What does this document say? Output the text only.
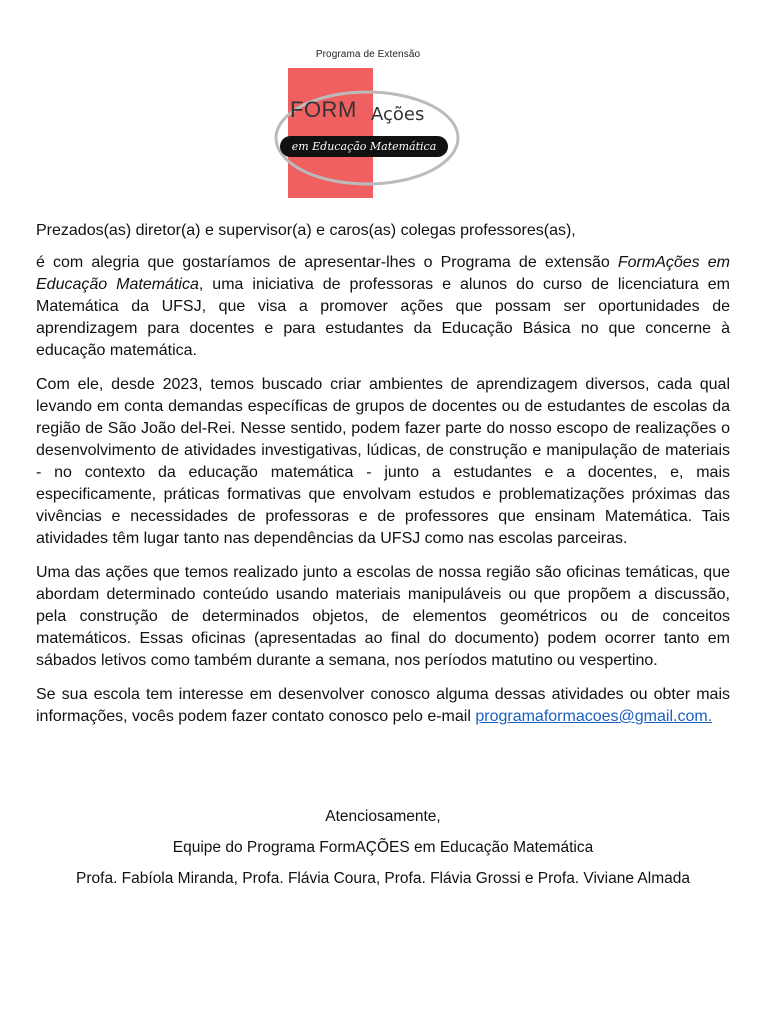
Programa de Extensão
FORM Ações
em Educação Matemática

Prezados(as) diretor(a) e supervisor(a) e caros(as) colegas professores(as),

é com alegria que gostaríamos de apresentar-lhes o Programa de extensão FormAções em Educação Matemática, uma iniciativa de professoras e alunos do curso de licenciatura em Matemática da UFSJ, que visa a promover ações que possam ser oportunidades de aprendizagem para docentes e para estudantes da Educação Básica no que concerne à educação matemática.

Com ele, desde 2023, temos buscado criar ambientes de aprendizagem diversos, cada qual levando em conta demandas específicas de grupos de docentes ou de estudantes de escolas da região de São João del-Rei. Nesse sentido, podem fazer parte do nosso escopo de realizações o desenvolvimento de atividades investigativas, lúdicas, de construção e manipulação de materiais - no contexto da educação matemática - junto a estudantes e a docentes, e, mais especificamente, práticas formativas que envolvam estudos e problematizações próximas das vivências e necessidades de professoras e de professores que ensinam Matemática. Tais atividades têm lugar tanto nas dependências da UFSJ como nas escolas parceiras.

Uma das ações que temos realizado junto a escolas de nossa região são oficinas temáticas, que abordam determinado conteúdo usando materiais manipuláveis ou que propõem a discussão, pela construção de determinados objetos, de elementos geométricos ou de conceitos matemáticos. Essas oficinas (apresentadas ao final do documento) podem ocorrer tanto em sábados letivos como também durante a semana, nos períodos matutino ou vespertino.

Se sua escola tem interesse em desenvolver conosco alguma dessas atividades ou obter mais informações, vocês podem fazer contato conosco pelo e-mail programaformacoes@gmail.com.

Atenciosamente,
Equipe do Programa FormAÇÕES em Educação Matemática
Profa. Fabíola Miranda, Profa. Flávia Coura, Profa. Flávia Grossi e Profa. Viviane Almada
